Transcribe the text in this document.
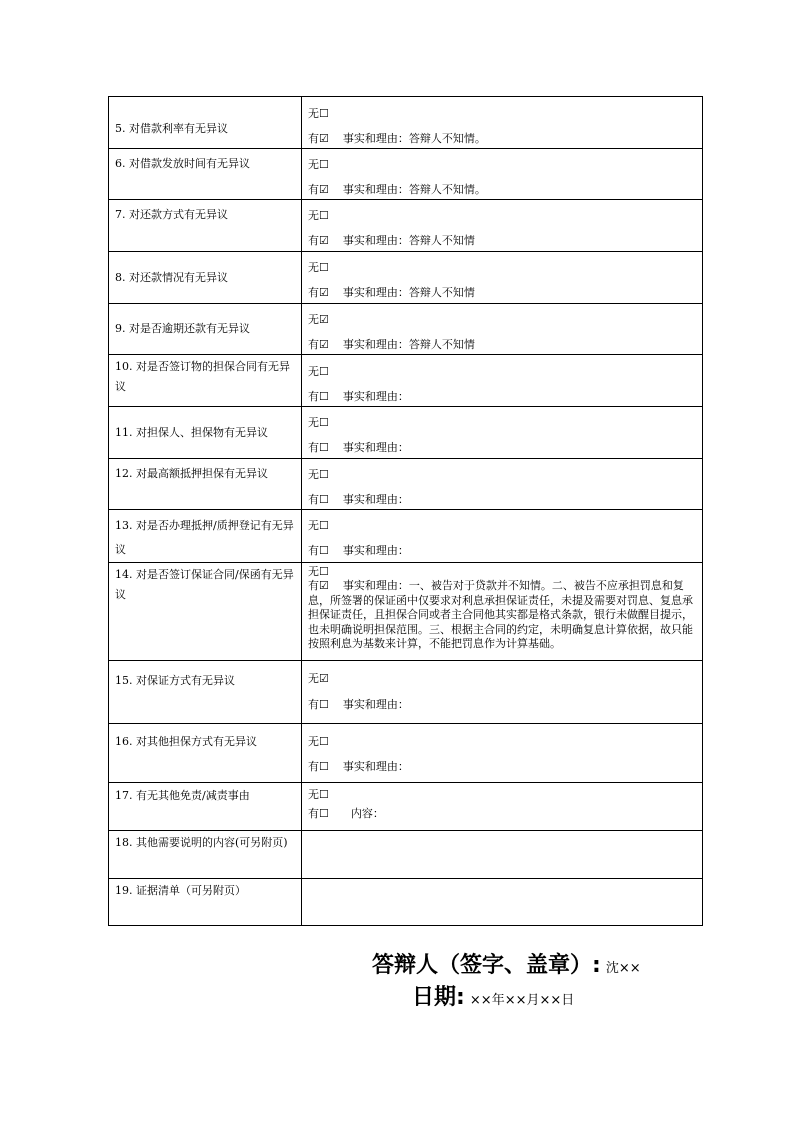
5. 对借款利率有无异议	无☐
有☑ 事实和理由：答辩人不知情。

6. 对借款发放时间有无异议	无☐
有☑ 事实和理由：答辩人不知情。

7. 对还款方式有无异议	无☐
有☑ 事实和理由：答辩人不知情

8. 对还款情况有无异议	无☐
有☑ 事实和理由：答辩人不知情

9. 对是否逾期还款有无异议	无☑
有☑ 事实和理由：答辩人不知情

10. 对是否签订物的担保合同有无异议	无☐
有☐ 事实和理由：

11. 对担保人、担保物有无异议	无☐
有☐ 事实和理由：

12. 对最高额抵押担保有无异议	无☐
有☐ 事实和理由：

13. 对是否办理抵押/质押登记有无异议	无☐
有☐ 事实和理由：

14. 对是否签订保证合同/保函有无异议	无☐
有☑ 事实和理由：一、被告对于贷款并不知情。二、被告不应承担罚息和复息，所签署的保证函中仅要求对利息承担保证责任，未提及需要对罚息、复息承担保证责任，且担保合同或者主合同他其实都是格式条款，银行未做醒目提示，也未明确说明担保范围。三、根据主合同的约定，未明确复息计算依据，故只能按照利息为基数来计算，不能把罚息作为计算基础。

15. 对保证方式有无异议	无☑
有☐ 事实和理由：

16. 对其他担保方式有无异议	无☐
有☐ 事实和理由：

17. 有无其他免责/减责事由	无☐
有☐ 内容：

18. 其他需要说明的内容(可另附页)	

19. 证据清单（可另附页）	

答辩人（签字、盖章）: 沈××
日期: ××年××月××日
